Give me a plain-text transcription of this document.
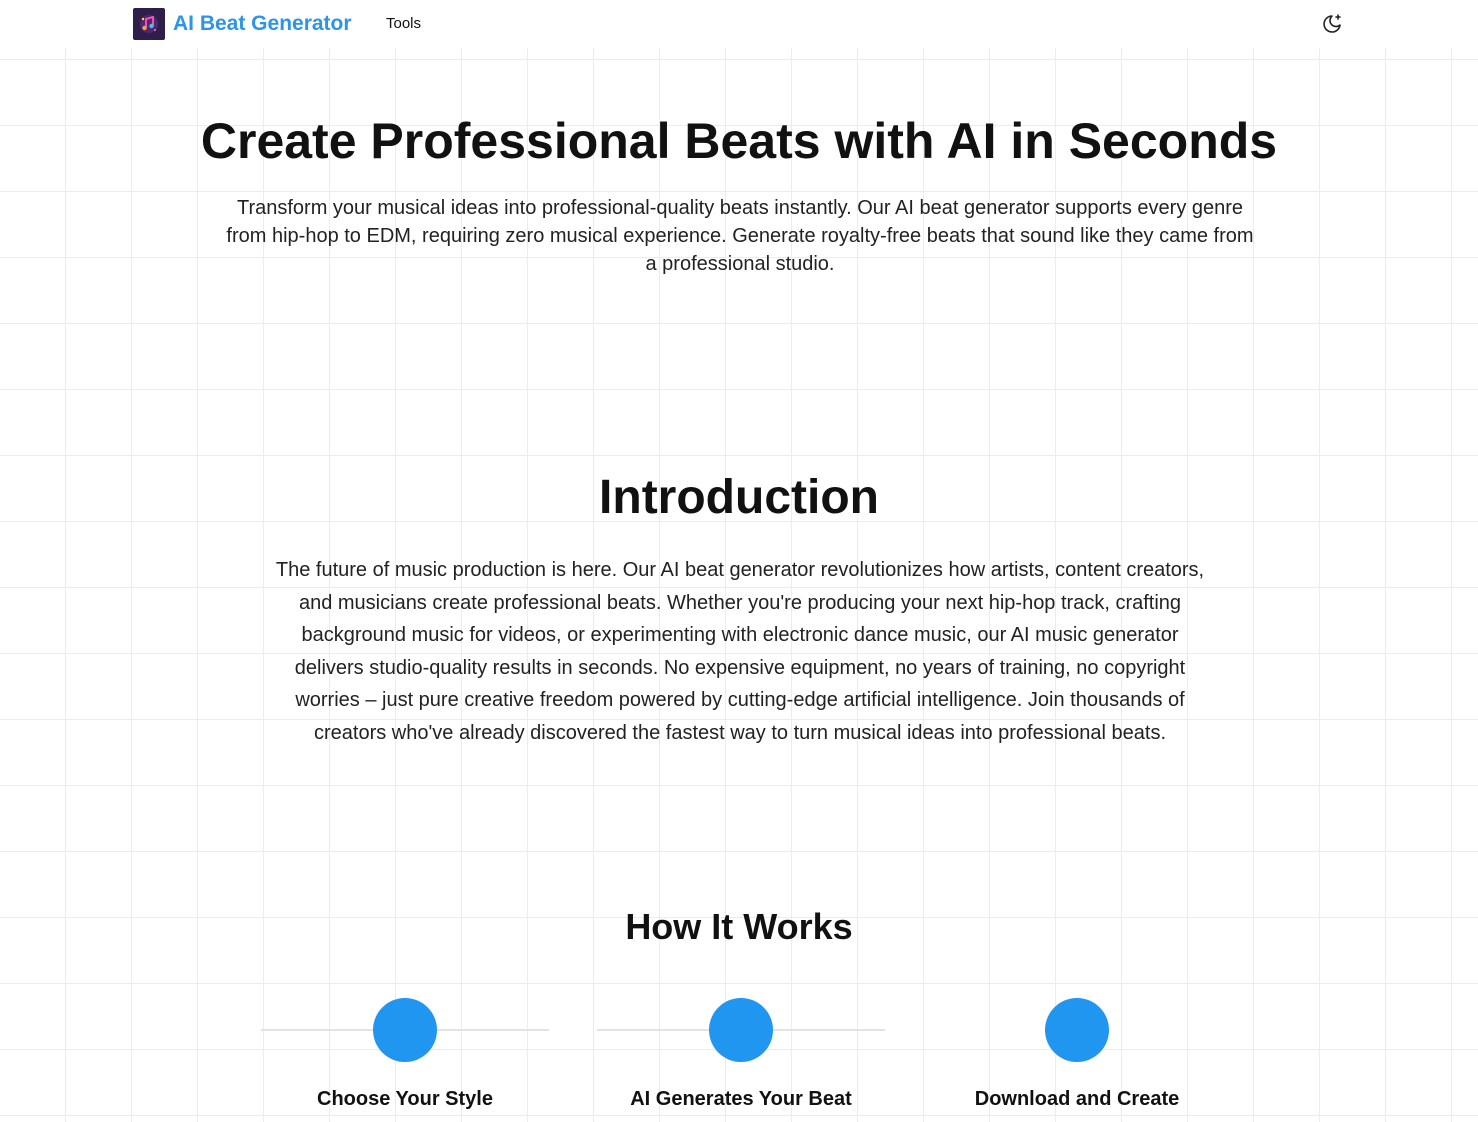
AI Beat Generator Tools
Create Professional Beats with AI in Seconds

Transform your musical ideas into professional-quality beats instantly. Our AI beat generator supports every genre from hip-hop to EDM, requiring zero musical experience. Generate royalty-free beats that sound like they came from a professional studio.

Introduction

The future of music production is here. Our AI beat generator revolutionizes how artists, content creators, and musicians create professional beats. Whether you're producing your next hip-hop track, crafting background music for videos, or experimenting with electronic dance music, our AI music generator delivers studio-quality results in seconds. No expensive equipment, no years of training, no copyright worries – just pure creative freedom powered by cutting-edge artificial intelligence. Join thousands of creators who've already discovered the fastest way to turn musical ideas into professional beats.

How It Works
Choose Your Style	AI Generates Your Beat	Download and Create
